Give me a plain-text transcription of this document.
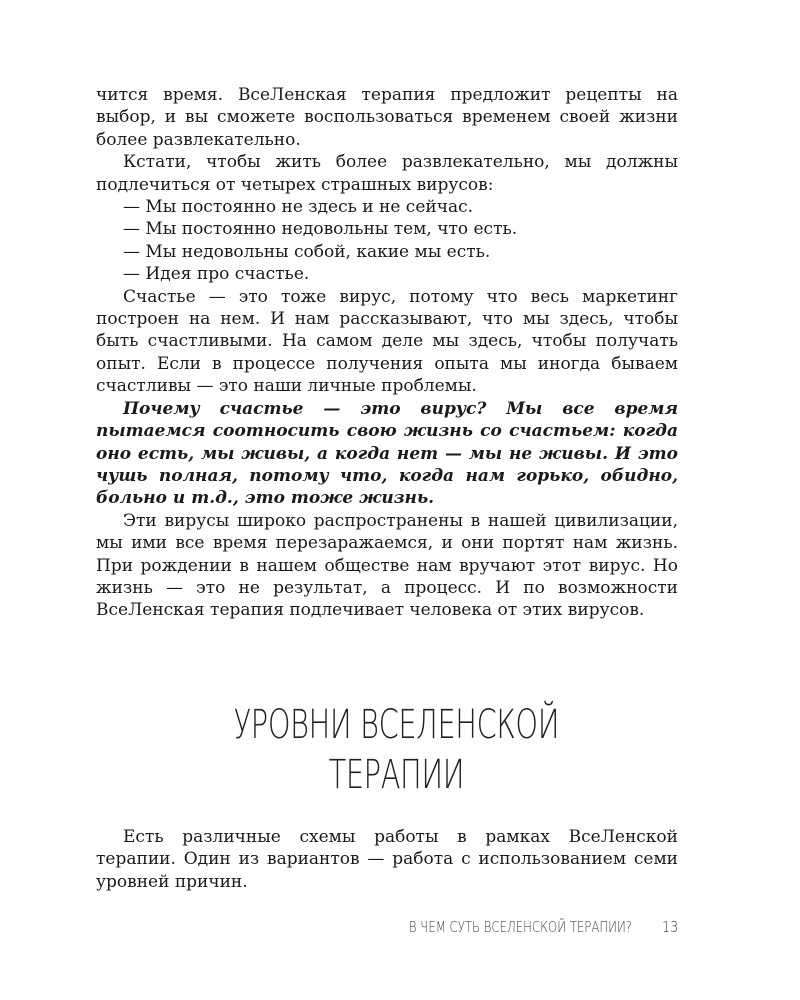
чится время. ВсеЛенская терапия предложит рецепты на выбор, и вы сможете воспользоваться временем своей жизни более развлекательно.

Кстати, чтобы жить более развлекательно, мы должны подлечиться от четырех страшных вирусов:

— Мы постоянно не здесь и не сейчас.

— Мы постоянно недовольны тем, что есть.

— Мы недовольны собой, какие мы есть.

— Идея про счастье.

Счастье — это тоже вирус, потому что весь маркетинг построен на нем. И нам рассказывают, что мы здесь, чтобы быть счастливыми. На самом деле мы здесь, чтобы получать опыт. Если в процессе получения опыта мы иногда бываем счастливы — это наши личные проблемы.

Почему счастье — это вирус? Мы все время пытаемся соотносить свою жизнь со счастьем: когда оно есть, мы живы, а когда нет — мы не живы. И это чушь полная, потому что, когда нам горько, обидно, больно и т.д., это тоже жизнь.

Эти вирусы широко распространены в нашей цивилизации, мы ими все время перезаражаемся, и они портят нам жизнь. При рождении в нашем обществе нам вручают этот вирус. Но жизнь — это не результат, а процесс. И по возможности ВсеЛенская терапия подлечивает человека от этих вирусов.

УРОВНИ ВСЕЛЕНСКОЙ
ТЕРАПИИ

Есть различные схемы работы в рамках ВсеЛенской терапии. Один из вариантов — работа с использованием семи уровней причин.

В ЧЕМ СУТЬ ВСЕЛЕНСКОЙ ТЕРАПИИ? 13
